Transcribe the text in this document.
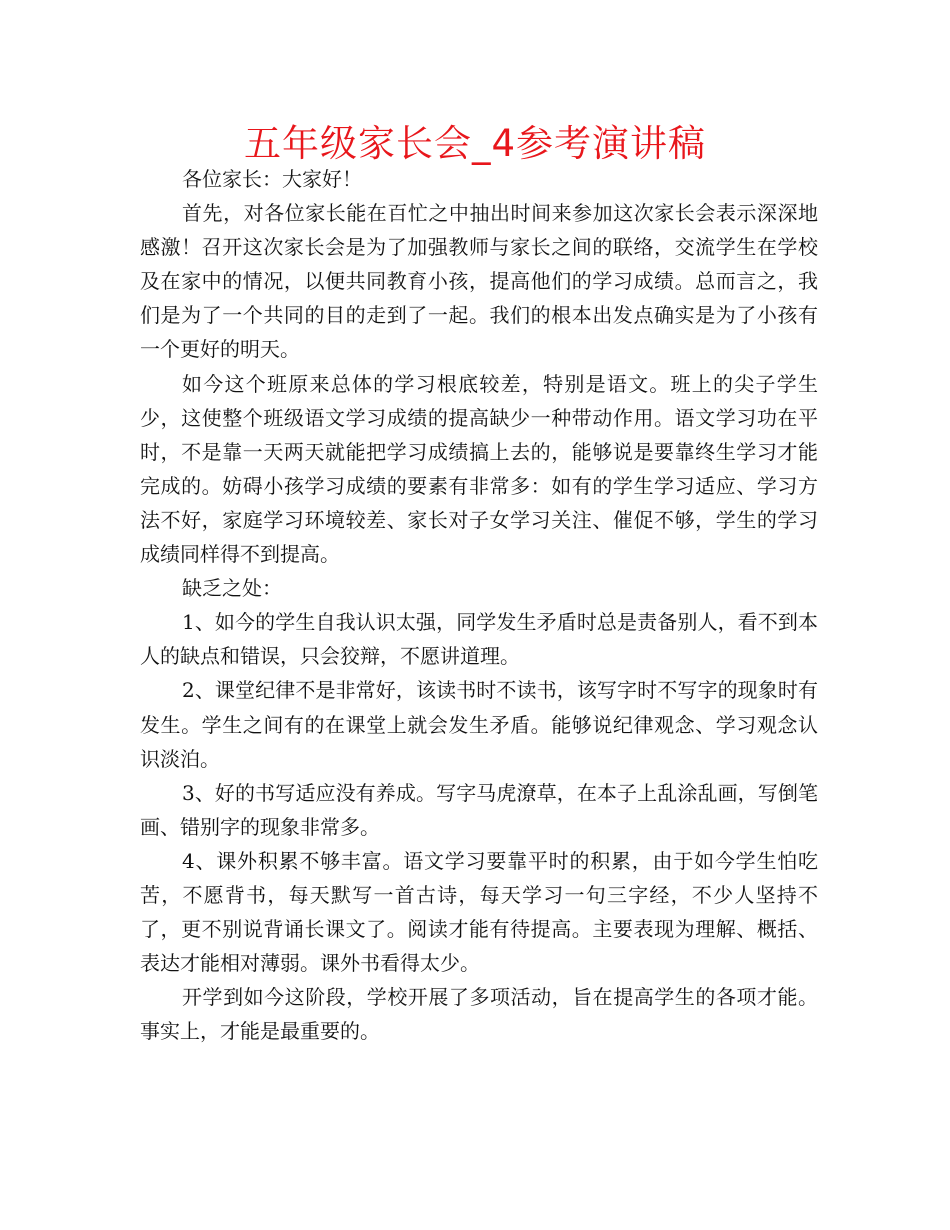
五年级家长会_4参考演讲稿

各位家长：大家好！

首先，对各位家长能在百忙之中抽出时间来参加这次家长会表示深深地感激！召开这次家长会是为了加强教师与家长之间的联络，交流学生在学校及在家中的情况，以便共同教育小孩，提高他们的学习成绩。总而言之，我们是为了一个共同的目的走到了一起。我们的根本出发点确实是为了小孩有一个更好的明天。

如今这个班原来总体的学习根底较差，特别是语文。班上的尖子学生少，这使整个班级语文学习成绩的提高缺少一种带动作用。语文学习功在平时，不是靠一天两天就能把学习成绩搞上去的，能够说是要靠终生学习才能完成的。妨碍小孩学习成绩的要素有非常多：如有的学生学习适应、学习方法不好，家庭学习环境较差、家长对子女学习关注、催促不够，学生的学习成绩同样得不到提高。

缺乏之处：

1、如今的学生自我认识太强，同学发生矛盾时总是责备别人，看不到本人的缺点和错误，只会狡辩，不愿讲道理。

2、课堂纪律不是非常好，该读书时不读书，该写字时不写字的现象时有发生。学生之间有的在课堂上就会发生矛盾。能够说纪律观念、学习观念认识淡泊。

3、好的书写适应没有养成。写字马虎潦草，在本子上乱涂乱画，写倒笔画、错别字的现象非常多。

4、课外积累不够丰富。语文学习要靠平时的积累，由于如今学生怕吃苦，不愿背书，每天默写一首古诗，每天学习一句三字经，不少人坚持不了，更不别说背诵长课文了。阅读才能有待提高。主要表现为理解、概括、表达才能相对薄弱。课外书看得太少。

开学到如今这阶段，学校开展了多项活动，旨在提高学生的各项才能。事实上，才能是最重要的。
